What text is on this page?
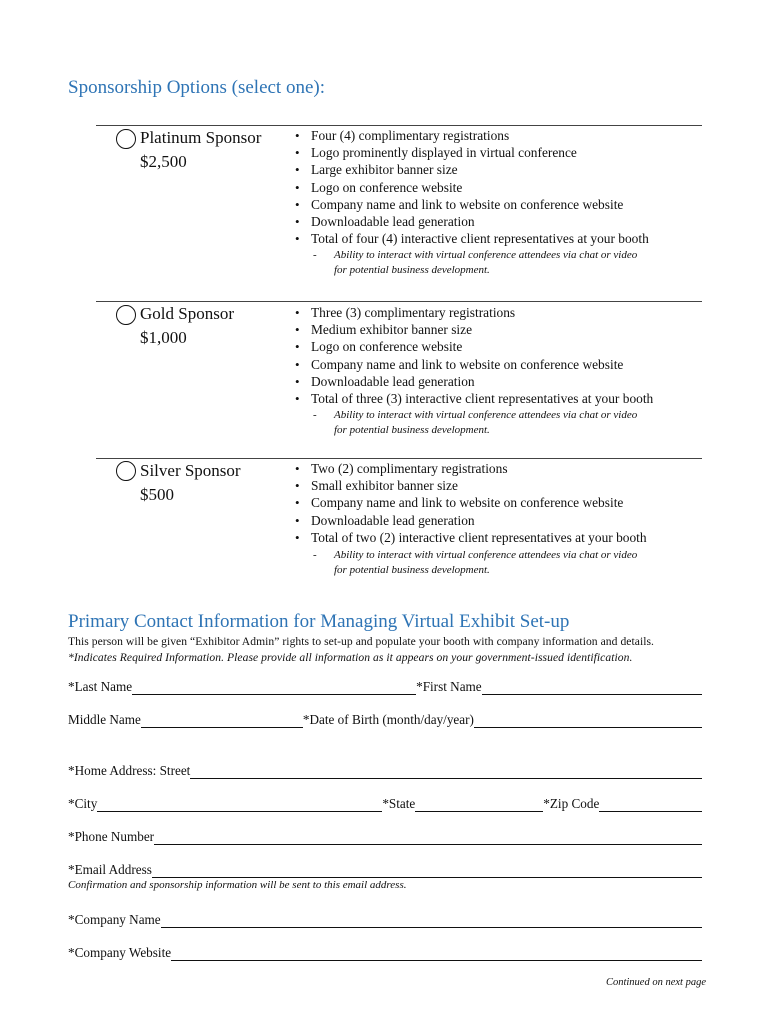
Sponsorship Options (select one):
Platinum Sponsor
$2,500
• Four (4) complimentary registrations
• Logo prominently displayed in virtual conference
• Large exhibitor banner size
• Logo on conference website
• Company name and link to website on conference website
• Downloadable lead generation
• Total of four (4) interactive client representatives at your booth
- Ability to interact with virtual conference attendees via chat or video
for potential business development.
Gold Sponsor
$1,000
• Three (3) complimentary registrations
• Medium exhibitor banner size
• Logo on conference website
• Company name and link to website on conference website
• Downloadable lead generation
• Total of three (3) interactive client representatives at your booth
- Ability to interact with virtual conference attendees via chat or video
for potential business development.
Silver Sponsor
$500
• Two (2) complimentary registrations
• Small exhibitor banner size
• Company name and link to website on conference website
• Downloadable lead generation
• Total of two (2) interactive client representatives at your booth
- Ability to interact with virtual conference attendees via chat or video
for potential business development.
Primary Contact Information for Managing Virtual Exhibit Set-up
This person will be given “Exhibitor Admin” rights to set-up and populate your booth with company information and details.
*Indicates Required Information. Please provide all information as it appears on your government-issued identification.
*Last Name	*First Name
Middle Name	*Date of Birth (month/day/year)
*Home Address: Street
*City	*State	*Zip Code
*Phone Number
*Email Address
Confirmation and sponsorship information will be sent to this email address.
*Company Name
*Company Website
Continued on next page
